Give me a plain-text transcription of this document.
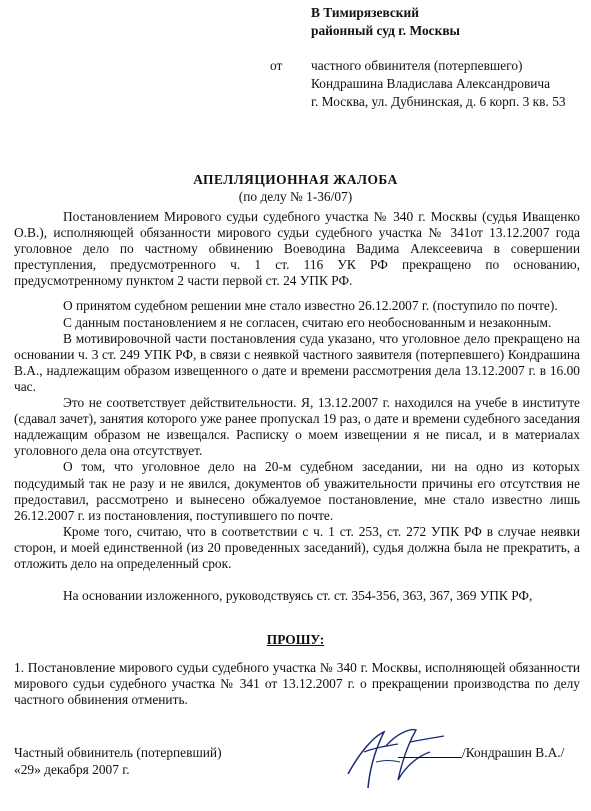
В Тимирязевский
районный суд г. Москвы
от частного обвинителя (потерпевшего)
Кондрашина Владислава Александровича
г. Москва, ул. Дубнинская, д. 6 корп. 3 кв. 53
АПЕЛЛЯЦИОННАЯ ЖАЛОБА
(по делу № 1-36/07)

Постановлением Мирового судьи судебного участка № 340 г. Москвы (судья Иващенко О.В.), исполняющей обязанности мирового судьи судебного участка № 341от 13.12.2007 года уголовное дело по частному обвинению Воеводина Вадима Алексеевича в совершении преступления, предусмотренного ч. 1 ст. 116 УК РФ прекращено по основанию, предусмотренному пунктом 2 части первой ст. 24 УПК РФ.

О принятом судебном решении мне стало известно 26.12.2007 г. (поступило по почте).

С данным постановлением я не согласен, считаю его необоснованным и незаконным.

В мотивировочной части постановления суда указано, что уголовное дело прекращено на основании ч. 3 ст. 249 УПК РФ, в связи с неявкой частного заявителя (потерпевшего) Кондрашина В.А., надлежащим образом извещенного о дате и времени рассмотрения дела 13.12.2007 г. в 16.00 час.

Это не соответствует действительности. Я, 13.12.2007 г. находился на учебе в институте (сдавал зачет), занятия которого уже ранее пропускал 19 раз, о дате и времени судебного заседания надлежащим образом не извещался. Расписку о моем извещении я не писал, и в материалах уголовного дела она отсутствует.

О том, что уголовное дело на 20-м судебном заседании, ни на одно из которых подсудимый так не разу и не явился, документов об уважительности причины его отсутствия не предоставил, рассмотрено и вынесено обжалуемое постановление, мне стало известно лишь 26.12.2007 г. из постановления, поступившего по почте.

Кроме того, считаю, что в соответствии с ч. 1 ст. 253, ст. 272 УПК РФ в случае неявки сторон, и моей единственной (из 20 проведенных заседаний), судья должна была не прекратить, а отложить дело на определенный срок.

На основании изложенного, руководствуясь ст. ст. 354-356, 363, 367, 369 УПК РФ,

ПРОШУ:
1. Постановление мирового судьи судебного участка № 340 г. Москвы, исполняющей обязанности мирового судьи судебного участка № 341 от 13.12.2007 г. о прекращении производства по делу частного обвинения отменить.
Частный обвинитель (потерпевший)
«29» декабря 2007 г.
/Кондрашин В.А./
